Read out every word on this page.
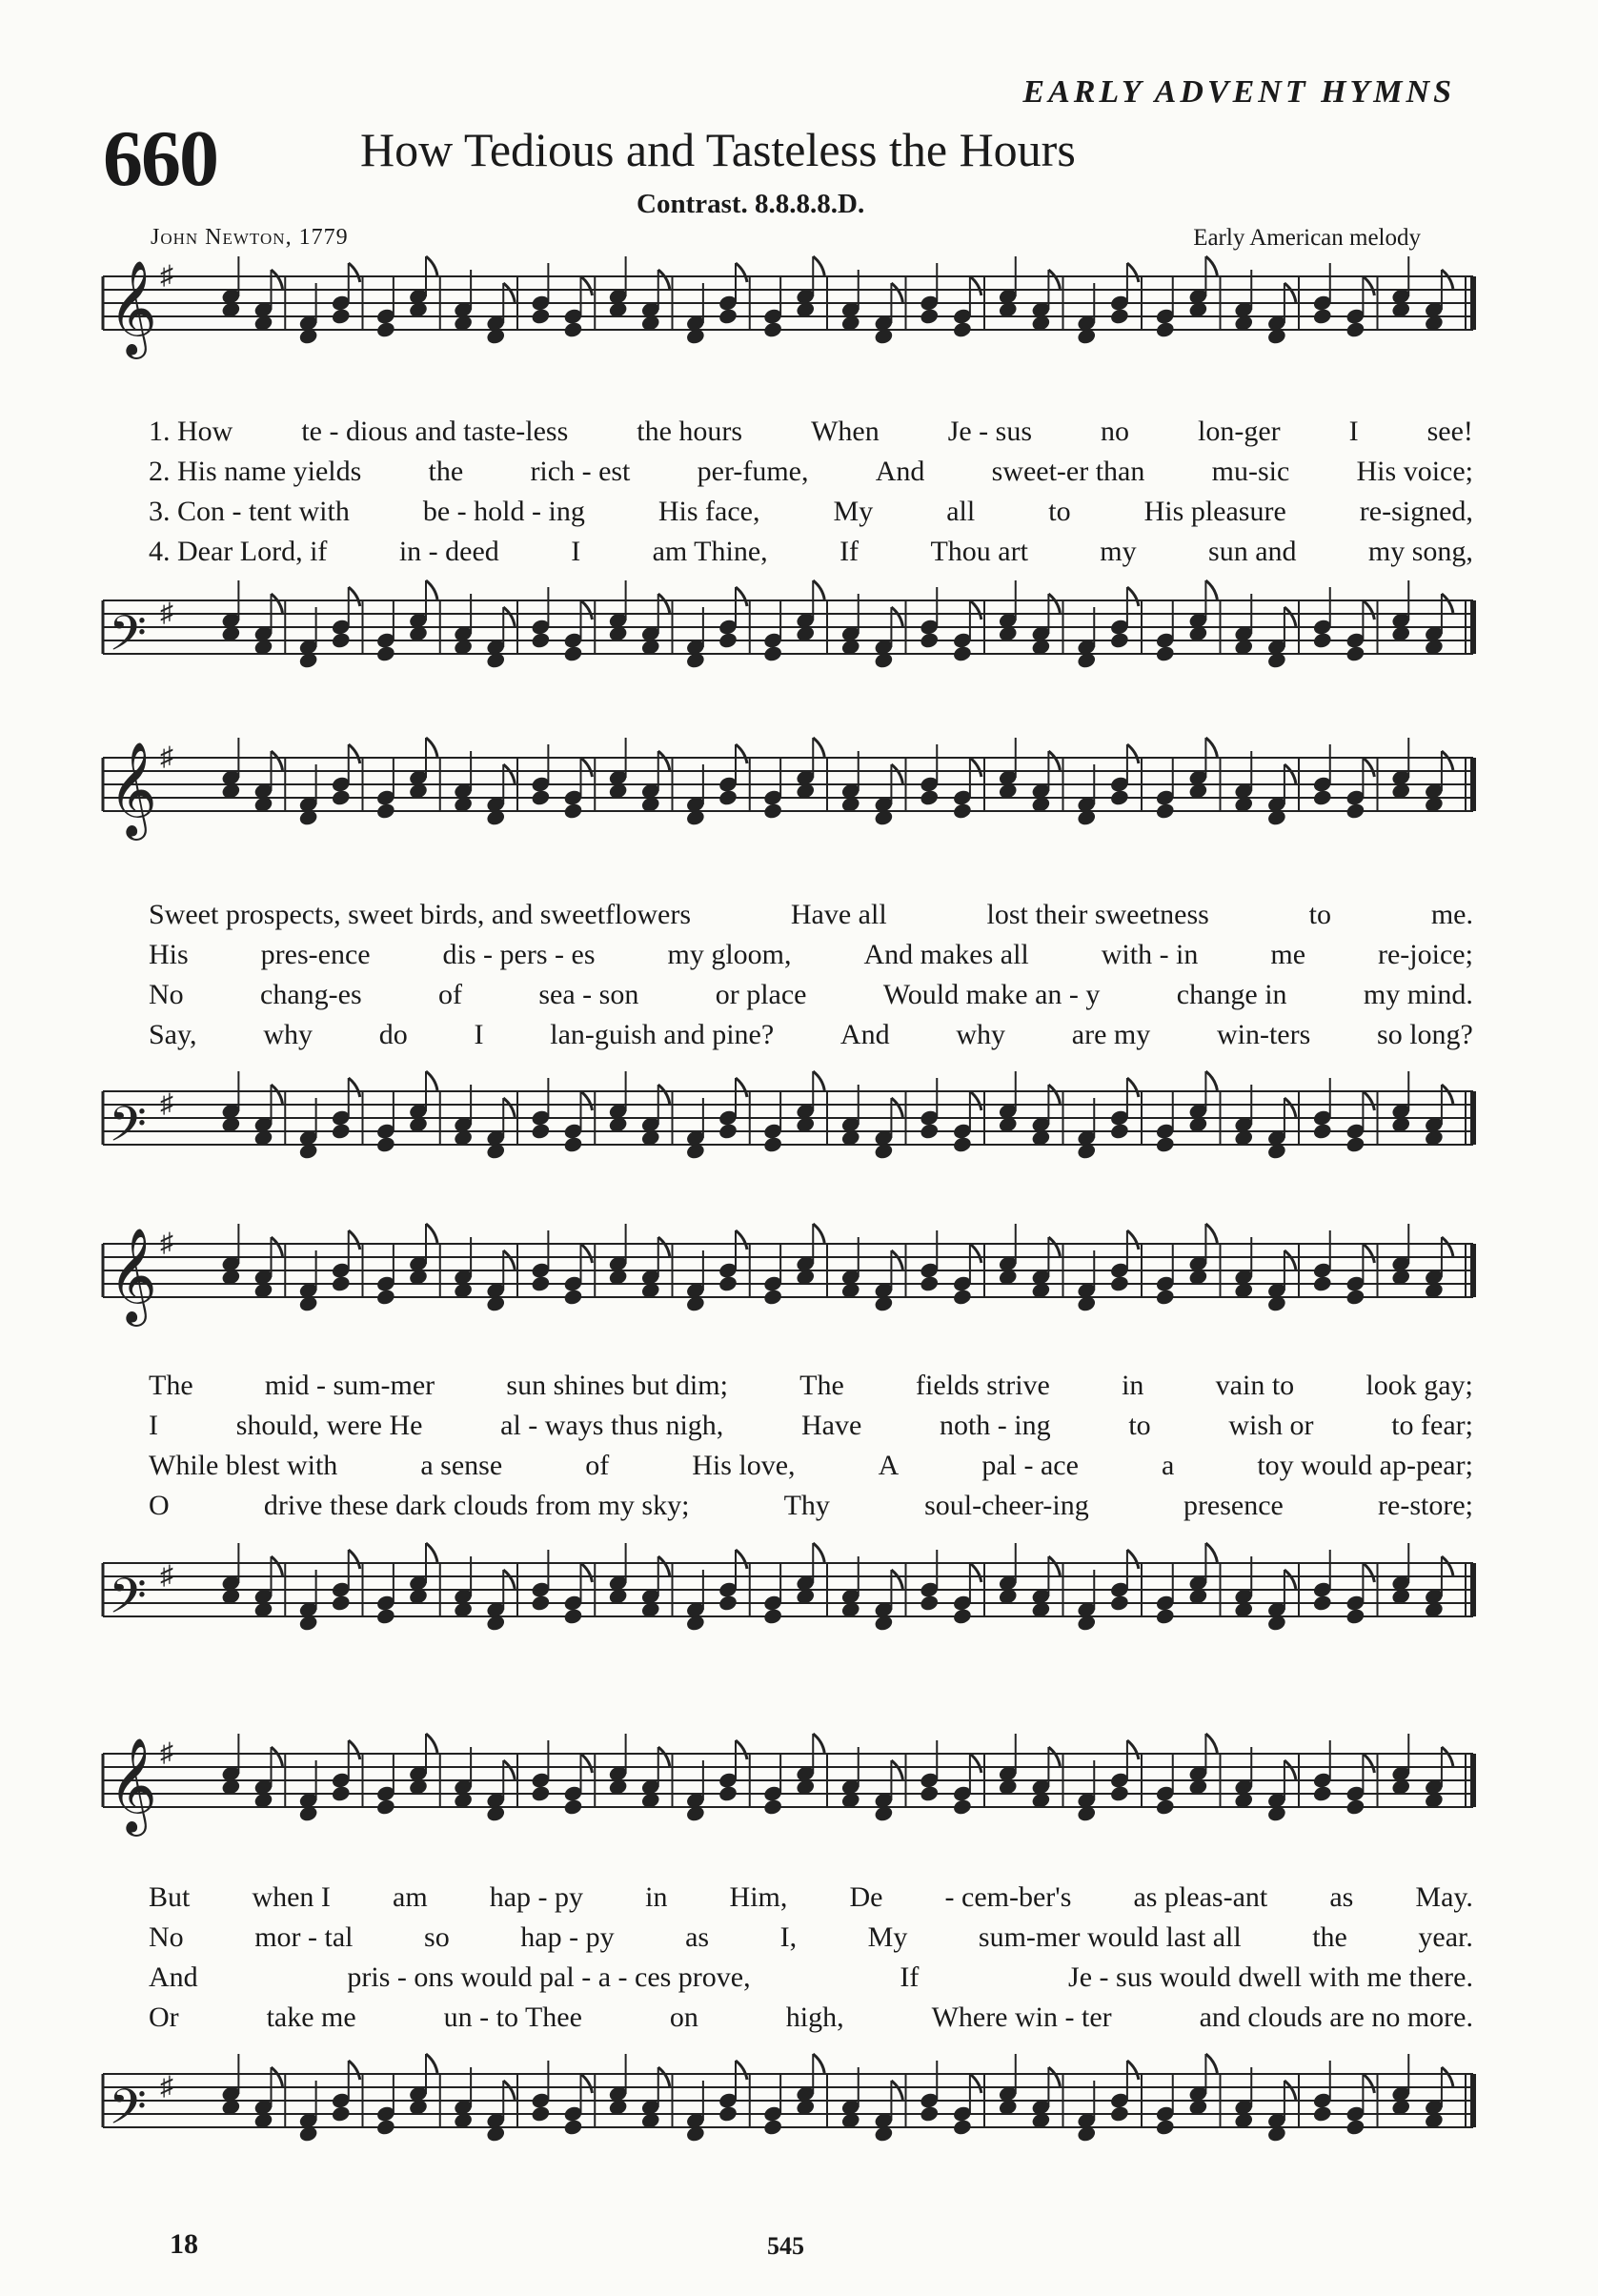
EARLY ADVENT HYMNS
660	How Tedious and Tasteless the Hours
Contrast. 8.8.8.8.D.
John Newton, 1779	Early American melody
𝄞 ♯
1. How te - dious and taste-less the hours When Je - sus no lon-ger I see!
2. His name yields the rich - est per-fume, And sweet-er than mu-sic His voice;
3. Con - tent with	be - hold - ing	His face,	My	all	to	His pleasure	re-signed,
4. Dear Lord, if	in - deed	I	am Thine,	If	Thou art	my	sun and	my song,
𝄢 ♯
𝄞 ♯
Sweet prospects, sweet birds, and sweetflowers	Have all	lost their sweetness	to	me.
His	pres-ence	dis - pers - es	my gloom,	And makes all	with - in	me	re-joice;
No	chang-es	of	sea - son	or place	Would make an - y	change in	my mind.
Say, why do I lan-guish and pine? And why are my win-ters so long?
𝄢 ♯
𝄞 ♯
The	mid - sum-mer	sun shines but dim;	The	fields strive	in	vain to	look gay;
I	should, were He	al - ways thus nigh,	Have	noth - ing	to	wish or	to fear;
While blest with	a sense	of	His love,	A	pal - ace	a	toy would ap-pear;
O	drive these dark clouds from my sky;	Thy	soul-cheer-ing	presence	re-store;
𝄢 ♯
𝄞 ♯
But when I am hap - py in Him, De - cem-ber's as pleas-ant as May.
No mor - tal so hap - py as I, My sum-mer would last all the year.
And	pris - ons would pal - a - ces prove,	If	Je - sus would dwell with me there.
Or	take me	un - to Thee	on	high,	Where win - ter	and clouds are no more.
𝄢 ♯
18	545
